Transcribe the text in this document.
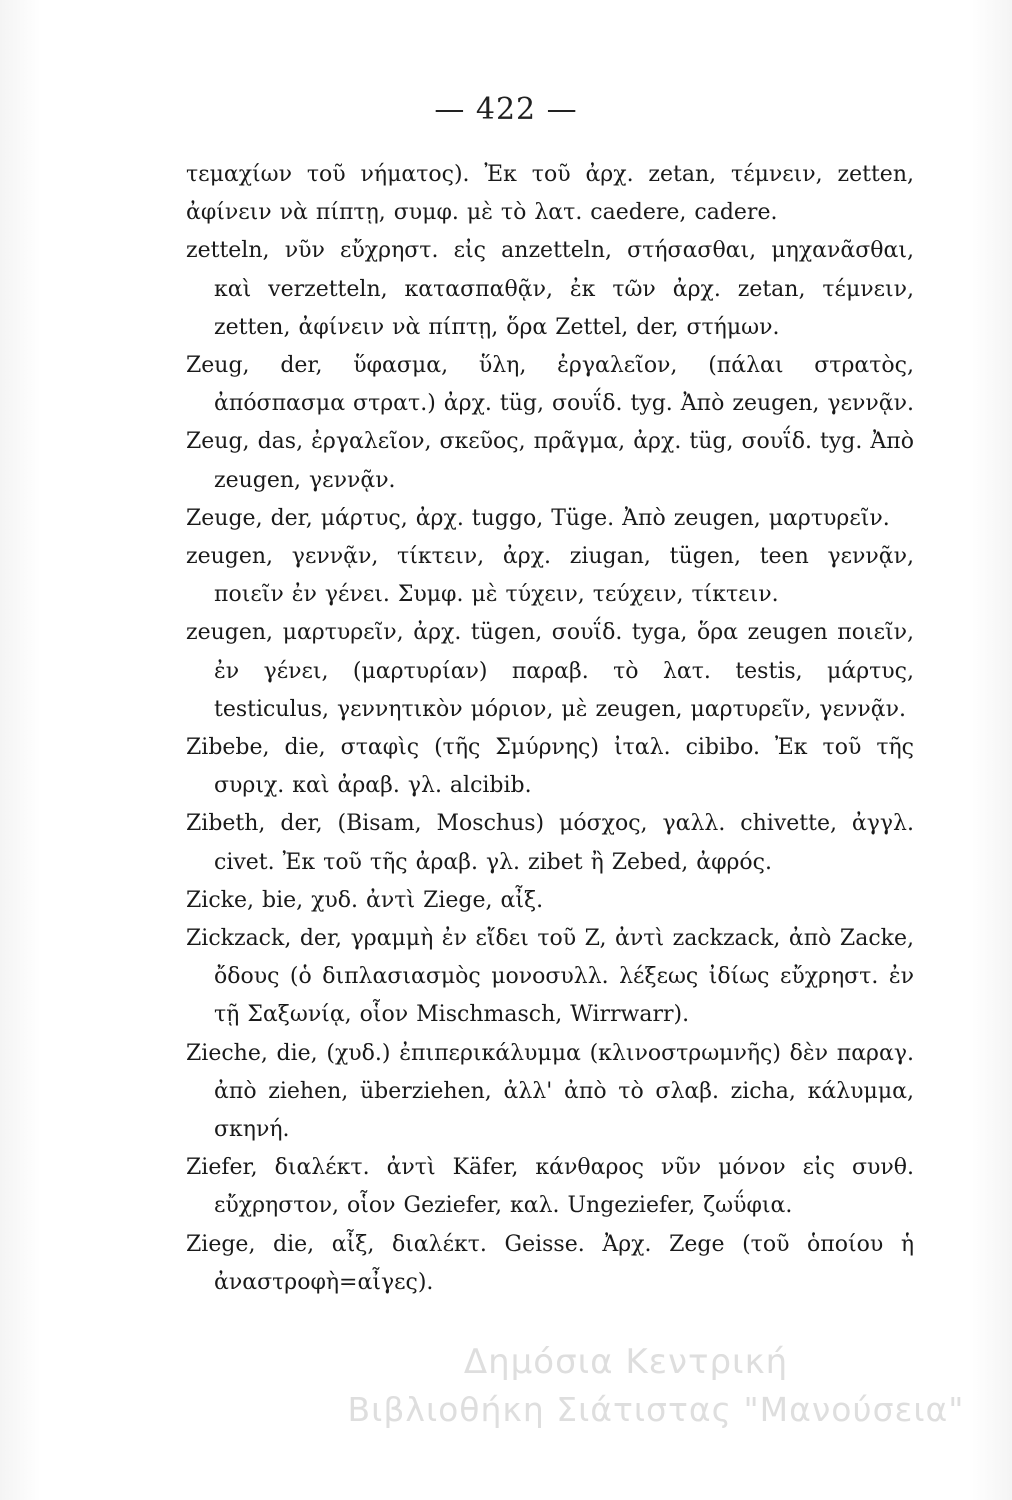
— 422 —

τεμαχίων τοῦ νήματος). Ἐκ τοῦ ἀρχ. zetan, τέμνειν, zetten, ἀφίνειν νὰ πίπτῃ, συμφ. μὲ τὸ λατ. caedere, cadere.

zetteln, νῦν εὔχρηστ. εἰς anzetteln, στήσασθαι, μηχανᾶσθαι, καὶ verzetteln, κατασπαθᾷν, ἐκ τῶν ἀρχ. zetan, τέμνειν, zetten, ἀφίνειν νὰ πίπτῃ, ὅρα Zettel, der, στήμων.

Zeug, der, ὕφασμα, ὕλη, ἐργαλεῖον, (πάλαι στρατὸς, ἀπόσπασμα στρατ.) ἀρχ. tüg, σουΐδ. tyg. Ἀπὸ zeugen, γεννᾷν.

Zeug, das, ἐργαλεῖον, σκεῦος, πρᾶγμα, ἀρχ. tüg, σουΐδ. tyg. Ἀπὸ zeugen, γεννᾷν.

Zeuge, der, μάρτυς, ἀρχ. tuggo, Tüge. Ἀπὸ zeugen, μαρτυρεῖν.

zeugen, γεννᾷν, τίκτειν, ἀρχ. ziugan, tügen, teen γεννᾷν, ποιεῖν ἐν γένει. Συμφ. μὲ τύχειν, τεύχειν, τίκτειν.

zeugen, μαρτυρεῖν, ἀρχ. tügen, σουΐδ. tyga, ὅρα zeugen ποιεῖν, ἐν γένει, (μαρτυρίαν) παραβ. τὸ λατ. testis, μάρτυς, testiculus, γεννητικὸν μόριον, μὲ zeugen, μαρτυρεῖν, γεννᾷν.

Zibebe, die, σταφὶς (τῆς Σμύρνης) ἰταλ. cibibo. Ἐκ τοῦ τῆς συριχ. καὶ ἀραβ. γλ. alcibib.

Zibeth, der, (Bisam, Moschus) μόσχος, γαλλ. chivette, ἀγγλ. civet. Ἐκ τοῦ τῆς ἀραβ. γλ. zibet ἢ Zebed, ἀφρός.

Zicke, bie, χυδ. ἀντὶ Ziege, αἶξ.

Zickzack, der, γραμμὴ ἐν εἴδει τοῦ Z, ἀντὶ zackzack, ἀπὸ Zacke, ὄδους (ὁ διπλασιασμὸς μονοσυλλ. λέξεως ἰδίως εὔχρηστ. ἐν τῇ Σαξωνίᾳ, οἷον Mischmasch, Wirrwarr).

Zieche, die, (χυδ.) ἐπιπερικάλυμμα (κλινοστρωμνῆς) δὲν παραγ. ἀπὸ ziehen, überziehen, ἀλλ' ἀπὸ τὸ σλαβ. zicha, κάλυμμα, σκηνή.

Ziefer, διαλέκτ. ἀντὶ Käfer, κάνθαρος νῦν μόνον εἰς συνθ. εὔχρηστον, οἷον Geziefer, καλ. Ungeziefer, ζωΰφια.

Ziege, die, αἶξ, διαλέκτ. Geisse. Ἀρχ. Zege (τοῦ ὁποίου ἡ ἀναστροφὴ=αἶγες).

Δημόσια Κεντρική
Βιβλιοθήκη Σιάτιστας "Μανούσεια"
